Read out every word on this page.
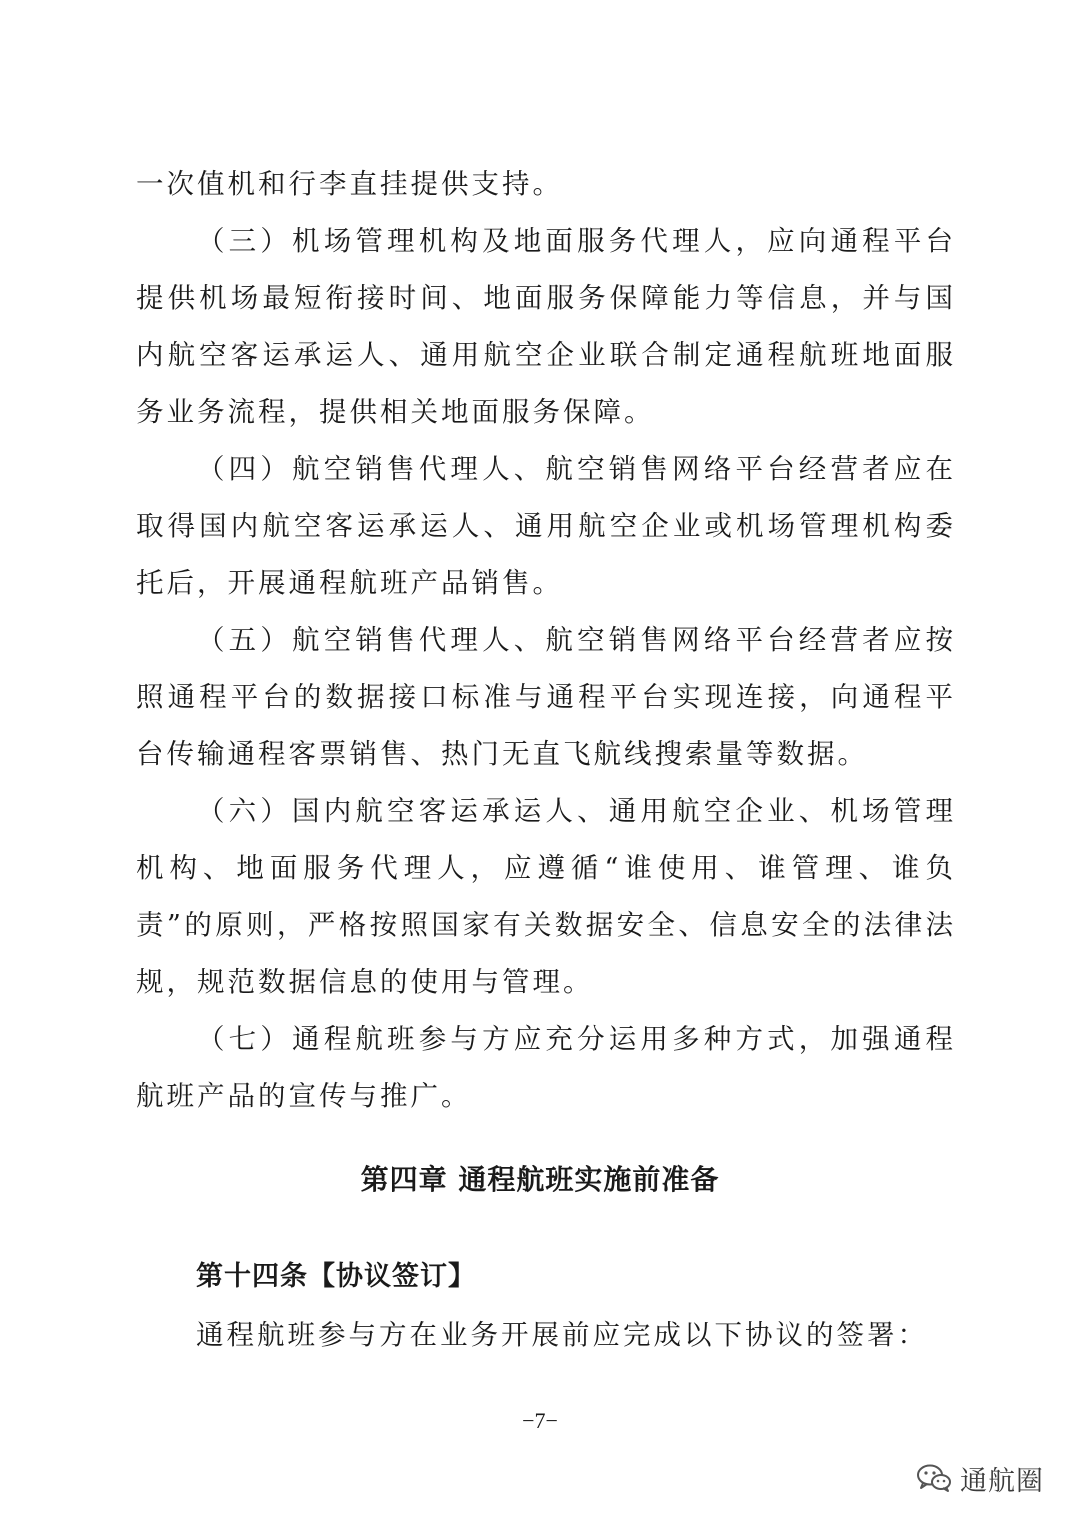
一次值机和行李直挂提供支持。

（三）机场管理机构及地面服务代理人，应向通程平台提供机场最短衔接时间、地面服务保障能力等信息，并与国内航空客运承运人、通用航空企业联合制定通程航班地面服务业务流程，提供相关地面服务保障。

（四）航空销售代理人、航空销售网络平台经营者应在取得国内航空客运承运人、通用航空企业或机场管理机构委托后，开展通程航班产品销售。

（五）航空销售代理人、航空销售网络平台经营者应按照通程平台的数据接口标准与通程平台实现连接，向通程平台传输通程客票销售、热门无直飞航线搜索量等数据。

（六）国内航空客运承运人、通用航空企业、机场管理机构、地面服务代理人，应遵循“谁使用、谁管理、谁负责”的原则，严格按照国家有关数据安全、信息安全的法律法规，规范数据信息的使用与管理。

（七）通程航班参与方应充分运用多种方式，加强通程航班产品的宣传与推广。

第四章 通程航班实施前准备
第十四条【协议签订】
通程航班参与方在业务开展前应完成以下协议的签署：
−7−
通航圈
